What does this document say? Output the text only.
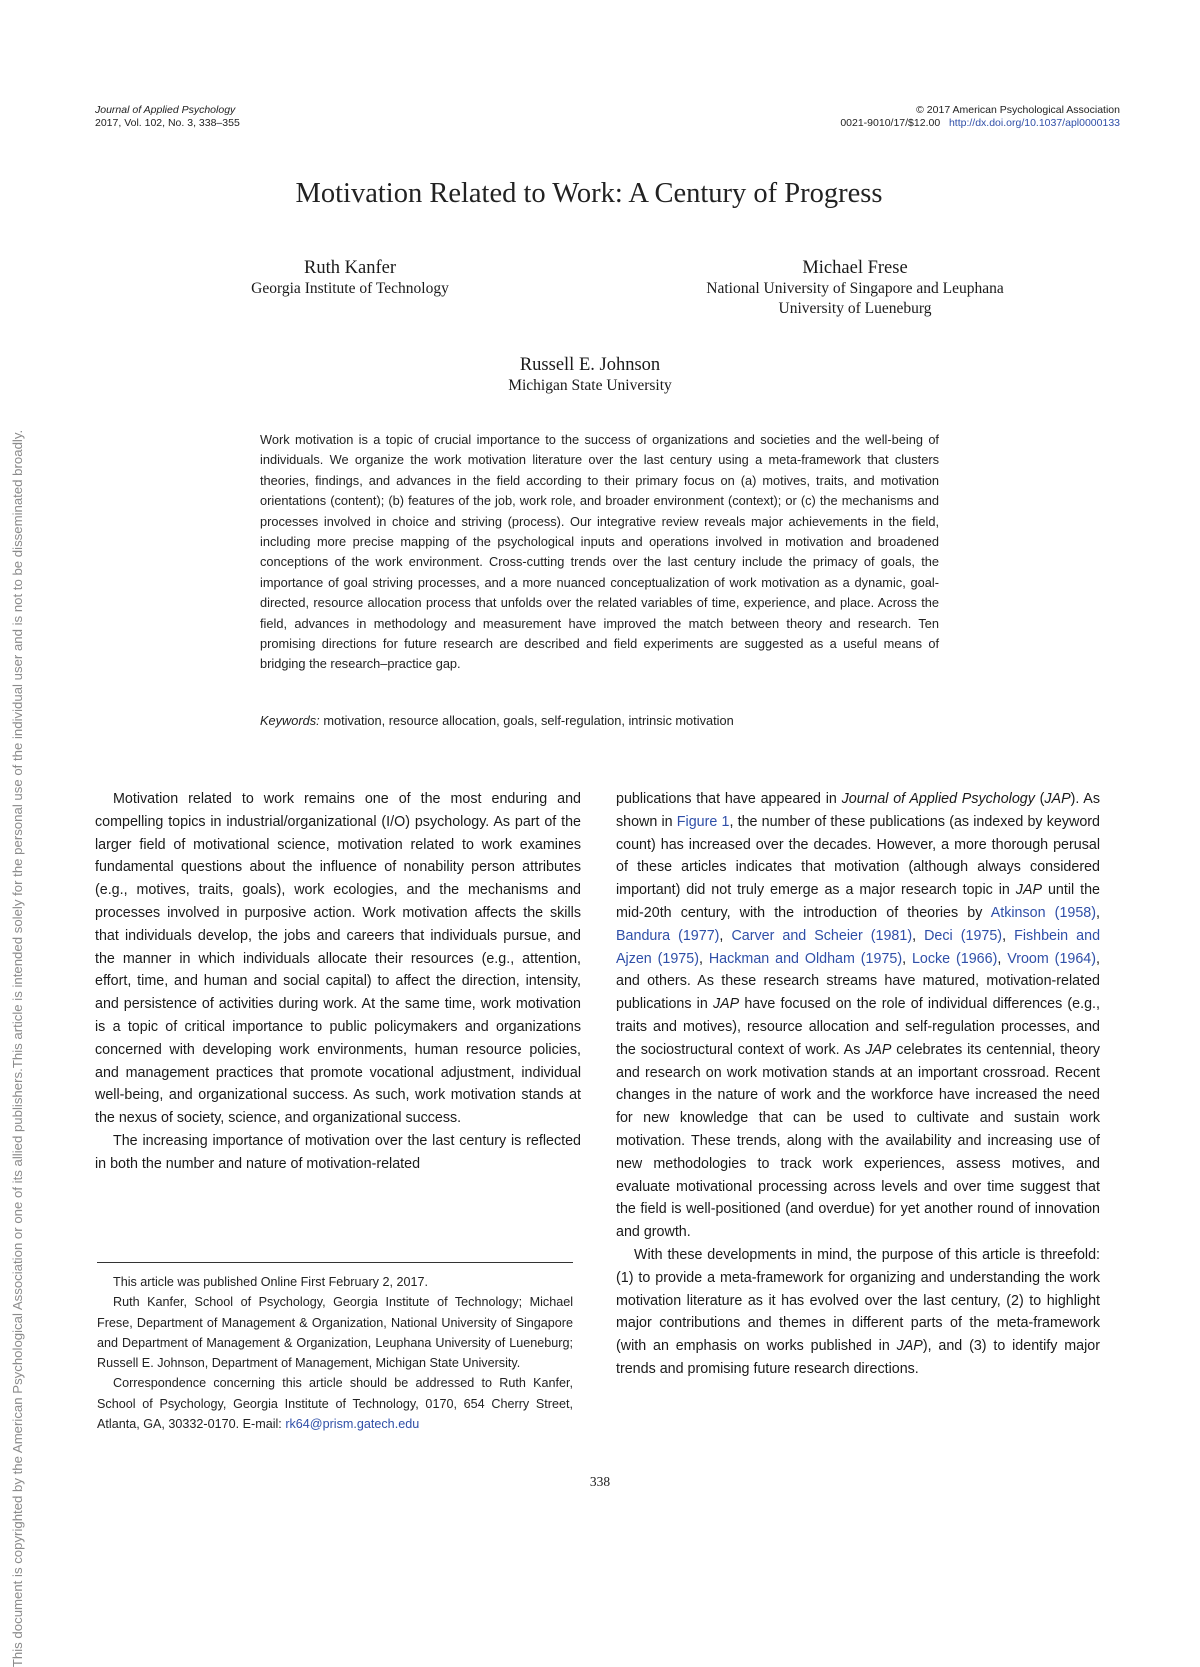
Journal of Applied Psychology
2017, Vol. 102, No. 3, 338–355
© 2017 American Psychological Association
0021-9010/17/$12.00 http://dx.doi.org/10.1037/apl0000133
This document is copyrighted by the American Psychological Association or one of its allied publishers.
This article is intended solely for the personal use of the individual user and is not to be disseminated broadly.
Motivation Related to Work: A Century of Progress
Ruth Kanfer
Georgia Institute of Technology
Michael Frese
National University of Singapore and Leuphana
University of Lueneburg
Russell E. Johnson
Michigan State University
Work motivation is a topic of crucial importance to the success of organizations and societies and the well-being of individuals. We organize the work motivation literature over the last century using a meta-framework that clusters theories, findings, and advances in the field according to their primary focus on (a) motives, traits, and motivation orientations (content); (b) features of the job, work role, and broader environment (context); or (c) the mechanisms and processes involved in choice and striving (process). Our integrative review reveals major achievements in the field, including more precise mapping of the psychological inputs and operations involved in motivation and broadened conceptions of the work environment. Cross-cutting trends over the last century include the primacy of goals, the importance of goal striving processes, and a more nuanced conceptualization of work motivation as a dynamic, goal-directed, resource allocation process that unfolds over the related variables of time, experience, and place. Across the field, advances in methodology and measurement have improved the match between theory and research. Ten promising directions for future research are described and field experiments are suggested as a useful means of bridging the research–practice gap.
Keywords: motivation, resource allocation, goals, self-regulation, intrinsic motivation

Motivation related to work remains one of the most enduring and compelling topics in industrial/organizational (I/O) psychology. As part of the larger field of motivational science, motivation related to work examines fundamental questions about the influence of nonability person attributes (e.g., motives, traits, goals), work ecologies, and the mechanisms and processes involved in purposive action. Work motivation affects the skills that individuals develop, the jobs and careers that individuals pursue, and the manner in which individuals allocate their resources (e.g., attention, effort, time, and human and social capital) to affect the direction, intensity, and persistence of activities during work. At the same time, work motivation is a topic of critical importance to public policymakers and organizations concerned with developing work environments, human resource policies, and management practices that promote vocational adjustment, individual well-being, and organizational success. As such, work motivation stands at the nexus of society, science, and organizational success.

The increasing importance of motivation over the last century is reflected in both the number and nature of motivation-related

publications that have appeared in Journal of Applied Psychology (JAP). As shown in Figure 1, the number of these publications (as indexed by keyword count) has increased over the decades. However, a more thorough perusal of these articles indicates that motivation (although always considered important) did not truly emerge as a major research topic in JAP until the mid-20th century, with the introduction of theories by Atkinson (1958), Bandura (1977), Carver and Scheier (1981), Deci (1975), Fishbein and Ajzen (1975), Hackman and Oldham (1975), Locke (1966), Vroom (1964), and others. As these research streams have matured, motivation-related publications in JAP have focused on the role of individual differences (e.g., traits and motives), resource allocation and self-regulation processes, and the sociostructural context of work. As JAP celebrates its centennial, theory and research on work motivation stands at an important crossroad. Recent changes in the nature of work and the workforce have increased the need for new knowledge that can be used to cultivate and sustain work motivation. These trends, along with the availability and increasing use of new methodologies to track work experiences, assess motives, and evaluate motivational processing across levels and over time suggest that the field is well-positioned (and overdue) for yet another round of innovation and growth.

With these developments in mind, the purpose of this article is threefold: (1) to provide a meta-framework for organizing and understanding the work motivation literature as it has evolved over the last century, (2) to highlight major contributions and themes in different parts of the meta-framework (with an emphasis on works published in JAP), and (3) to identify major trends and promising future research directions.

This article was published Online First February 2, 2017.

Ruth Kanfer, School of Psychology, Georgia Institute of Technology; Michael Frese, Department of Management & Organization, National University of Singapore and Department of Management & Organization, Leuphana University of Lueneburg; Russell E. Johnson, Department of Management, Michigan State University.

Correspondence concerning this article should be addressed to Ruth Kanfer, School of Psychology, Georgia Institute of Technology, 0170, 654 Cherry Street, Atlanta, GA, 30332-0170. E-mail: rk64@prism.gatech.edu

338
